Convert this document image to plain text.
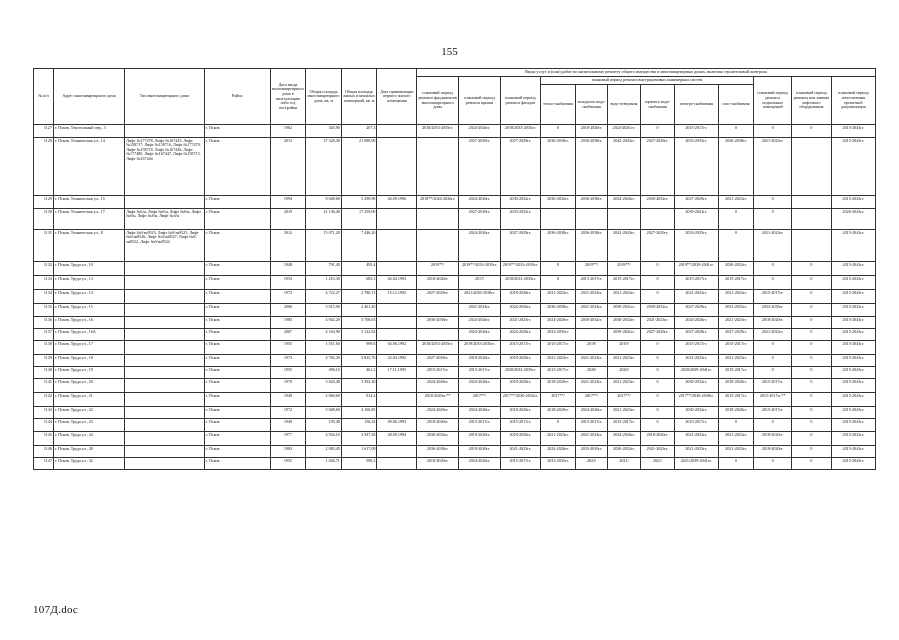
155
№ п/п	Адрес многоквартирного дома	Тип многоквартирного дома	Район	Дата ввода многоквартирного дома в эксплуатацию либо год постройки	Общая площадь многоквартирного дома, кв. м	Общая площадь жилых и нежилых помещений, кв. м	Дата приватизации первого жилого помещения	Виды услуг и (или) работ по капитальному ремонту общего имущества в многоквартирных домах, включая строительный контроль											
								плановый период ремонта фундаментов многоквартирного дома	плановый период ремонта крыши	плановый период ремонта фасадов	плановый период ремонта внутридомовых инженерных систем						плановый период ремонта подвальных помещений	плановый период ремонта или замены лифтового оборудования	плановый период изготовления проектной документации
											тепло-снабжения	холодного водо-снабжения	водо-отведения	горячего водо-снабжения	электро-снабжения	газо-снабжения			
1127	г. Псков, Текстильный пер., 3		г. Псков	1962	345,90	207,3		2018/2033-2035гг.	2024-2026гг.	2018/2033-2035гг.	0	2018-2020гг.	2024-2026 гг.	0	2015-2017гг.	0	0	0	2015-2043гг.
1128	г. Псков, Техническая ул., 14	Лифт №177478, Лифт №167445, Лифт №158717, Лифт №158716, Лифт №177479, Лифт №158718, Лифт №167446, Лифт №177480, Лифт №167447, Лифт №158715, Лифт №167444	г. Псков	2013	27 528,30	21 088,90			2027-2029гг.	2027-2029гг.	2036-2038гг.	2036-2038гг.	2042-2043гг.	2027-2029гг.	2033-2035гг.	2036-2038гг.	2021-2023гг.		2015-2043гг.
1129	г. Псков, Техническая ул., 15		г. Псков	1994	8 048,60	5 299,90	26.09.1996	2018**/2024-2026гг.	2024-2026гг.	2030-2032гг.	2030-2032гг.	2036-2038гг.	2024-2026гг.	2030-2032гг.	2027-2029гг.	2021-2023гг.	0		2015-2043гг.
1130	г. Псков, Техническая ул., 17	Лифт №б/н, Лифт №б/н, Лифт №б/н, Лифт №б/н, Лифт №б/н, Лифт №б/н	г. Псков	2019	21 136,40	17 259,00			2027-2029гг.	2033-2035гг.					2039-2041гг.	0	0		2026-2043гг.
1131	г. Псков, Техническая ул., 8	Лифт №б/зн9523, Лифт №б/зн9525, Лифт №б/зн9526, Лифт №б/зн9527, Лифт №б/зн9522, Лифт №б/зн9524	г. Псков	2012	15 071,20	7 446,20			2024-2026гг.	2027-2029гг.	2036-2038гг.	2036-2038гг.	2042-2043гг.	2027-2029гг.	2033-2035гг.	0	2021-2023гг.		2015-2043гг.
1132	г. Псков, Труда ул., 10		г. Псков	1948	791,40	495,4		2019**/	2019**/2033-2035гг.	2019**/2033-2035гг.	0	2019**/	2019**/	0	2019**/2039-2041гг.	2030-2032гг.	0	0	2015-2043гг.
1133	г. Псков, Труда ул., 13		г. Псков	1953	1 210,30	683,3	02.04.1993	2018-2020гг.	2017/	2018/2033-2035гг.	0	2015-2017гг.	2015-2017гг.	0	2015-2017гг.	2015-2017гг.	0	0	2015-2043гг.
1134	г. Псков, Труда ул., 14		г. Псков	1973	4 722,37	2 780,13	15.12.1992	2027-2029гг.	2021/2036-2038гг.	2018-2020гг.	2021-2023гг.	2021-2023гг.	2021-2023гг.	0	2021-2023гг.	2021-2023гг.	2015-2017гг.	0	2015-2043гг.
1135	г. Псков, Труда ул., 15		г. Псков	2006	3 015,90	2 461,40			2021-2023гг.	2024-2026гг.	2036-2038гг.	2021-2023гг.	2039-2041гг.	2030-2032гг.	2027-2029гг.	2033-2035гг.	2033-2035гг.	0	2015-2043гг.
1136	г. Псков, Труда ул., 16		г. Псков	1983	4 942,20	3 706,63		2036-2038гг.	2024-2026гг.	2021-2023гг.	2024-2026гг.	2030-2032гг.	2030-2032гг.	2021-2023гг.	2024-2026гг.	2021-2023гг.	2018-2020гг.	0	2015-2043гг.
1137	г. Псков, Труда ул., 16А		г. Псков	2007	4 163,90	3 122,92			2024-2026гг.	2024-2026гг.	2033-2035гг.		2039-2041гг.	2027-2029гг.	2027-2029гг.	2027-2029гг.	2021-2023гг.	0	2015-2043гг.
1138	г. Псков, Труда ул., 17		г. Псков	1955	1 551,60	909,6	04.06.1992	2018/2033-2035гг.	2019/2033-2035гг.	2015-2017гг.	2015-2017гг.	2019/	2019/	0	2015-2017гг.	2015-2017гг.	0	0	2015-2043гг.
1139	г. Псков, Труда ул., 18		г. Псков	1973	4 782,20	3 825,76	22.04.1992	2027-2029гг.	2018-2020гг.	2018-2020гг.	2021-2023гг.	2021-2023гг.	2021-2023гг.	0	2021-2023гг.	2021-2023гг.	0	0	2015-2043гг.
1140	г. Псков, Труда ул., 19		г. Псков	1955	496,10	461,2	17.11.1993	2015-2017гг.	2015-2017гг.	2020/2033-2035гг.	2015-2017гг.	2020/	2020/	0	2020/2039-2041гг.	2015-2017гг.	0	0	2015-2043гг.
1141	г. Псков, Труда ул., 20		г. Псков	1970	3 620,40	3 392,20		2024-2026гг.	2024-2026гг.	2018-2020гг.	2018-2020гг.	2021-2023гг.	2021-2023гг.	0	2030-2032гг.	2018-2020гг.	2015-2017гг.	0	2015-2043гг.
1142	г. Псков, Труда ул., 21		г. Псков	1949	2 060,60	914,4		2018-2020гг.**	2017**/	2017**/2030-2032гг.	2017**/	2017**/	2017**/	0	2017**/2036-2038гг.	2015-2017гг.	2015-2017гг.**	0	2015-2043гг.
1143	г. Псков, Труда ул., 22		г. Псков	1972	5 048,60	4 166,85		2024-2026гг.	2024-2026гг.	2018-2020гг.	2018-2020гг.	2024-2026гг.	2021-2023гг.	0	2030-2032гг.	2018-2020гг.	2015-2017гг.	0	2015-2043гг.
1144	г. Псков, Труда ул., 23		г. Псков	1949	195,40	156,32	09.06.1993	2018-2020гг.	2015-2017гг.	2015-2017гг.	0	2015-2017гг.	2015-2017гг.	0	2015-2017гг.	0	0	0	2015-2043гг.
1145	г. Псков, Труда ул., 24		г. Псков	1977	4 934,10	3 947,28	28.09.1994	2030-2032гг.	2018-2020гг.	2018-2020гг.	2021-2023гг.	2021-2023гг.	2024-2026гг.	2018-2020гг.	2021-2023гг.	2021-2023гг.	2018-2020гг.	0	2015-2043гг.
1146	г. Псков, Труда ул., 28		г. Псков	1983	2 083,45	1 617,09		2036-2038гг.	2018-2020гг.	2021-2023гг.	2024-2026гг.	2033-2035гг.	2030-2032гг.	2021-2023гг.	2021-2023гг.	2021-2023гг.	2018-2020гг.	0	2015-2043гг.
1147	г. Псков, Труда ул., 32		г. Псков	1955	1 026,71	590,2		2018-2020гг.	2024-2026гг.	2015-2017гг.	2033-2035гг.	2021/	2021/	2021/	2021/2039-2041гг.	0	0	0	2015-2043гг.
107Д.doc
